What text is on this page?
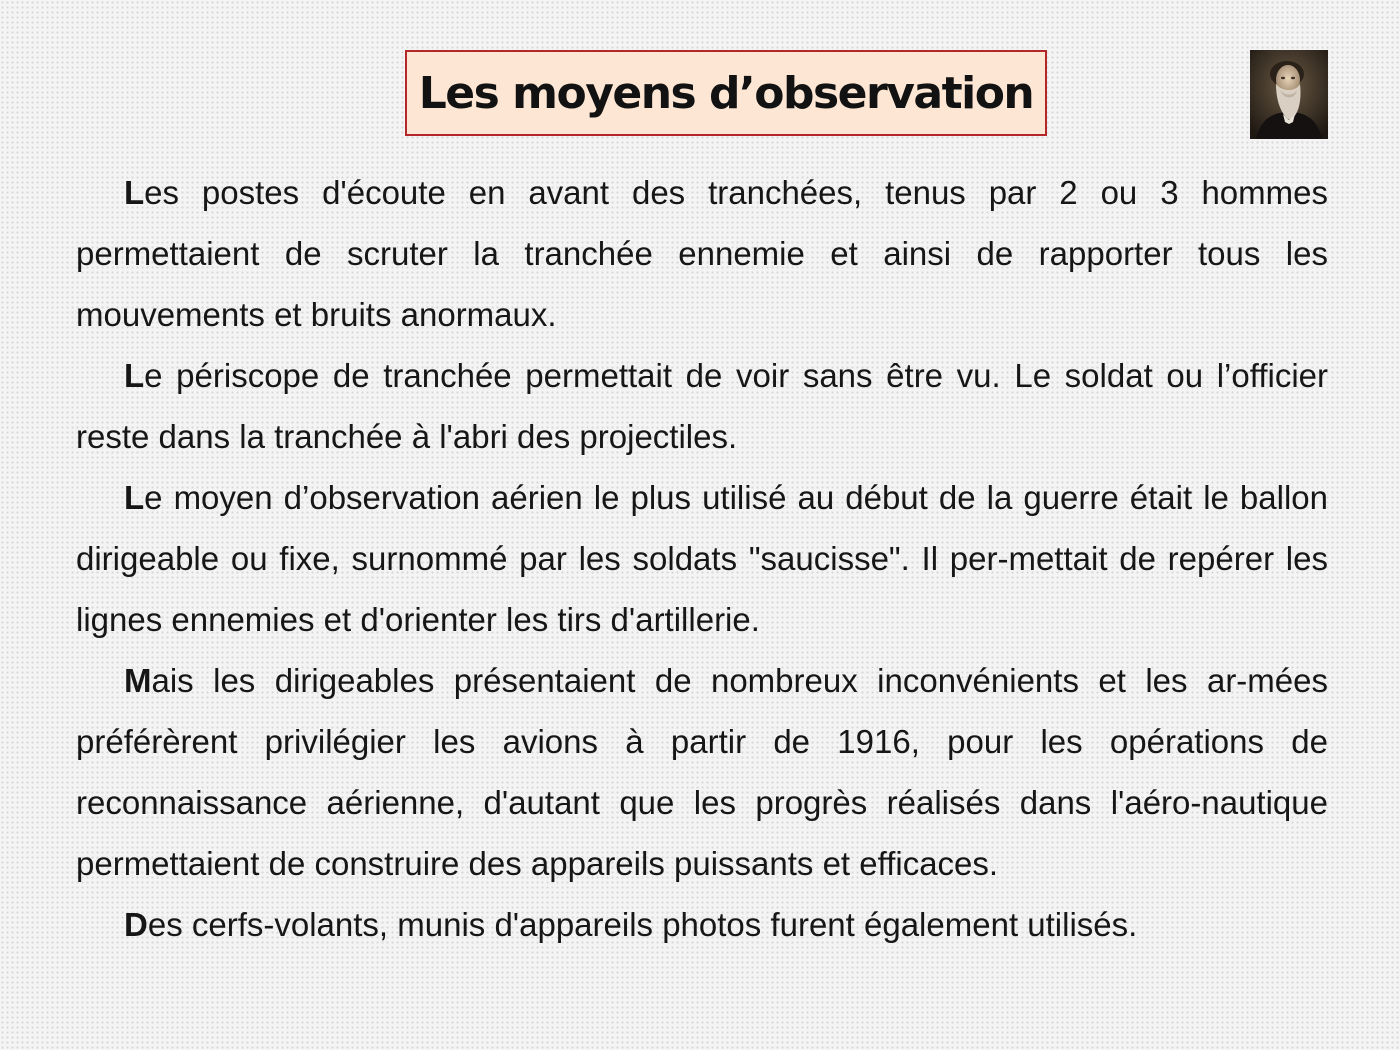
Les moyens d’observation

Les postes d'écoute en avant des tranchées, tenus par 2 ou 3 hommes permettaient de scruter la tranchée ennemie et ainsi de rapporter tous les mouvements et bruits anormaux.

Le périscope de tranchée permettait de voir sans être vu. Le soldat ou l’officier reste dans la tranchée à l'abri des projectiles.

Le moyen d’observation aérien le plus utilisé au début de la guerre était le ballon dirigeable ou fixe, surnommé par les soldats "saucisse". Il per-mettait de repérer les lignes ennemies et d'orienter les tirs d'artillerie.

Mais les dirigeables présentaient de nombreux inconvénients et les ar-mées préférèrent privilégier les avions à partir de 1916, pour les opérations de reconnaissance aérienne, d'autant que les progrès réalisés dans l'aéro-nautique permettaient de construire des appareils puissants et efficaces.

Des cerfs-volants, munis d'appareils photos furent également utilisés.
